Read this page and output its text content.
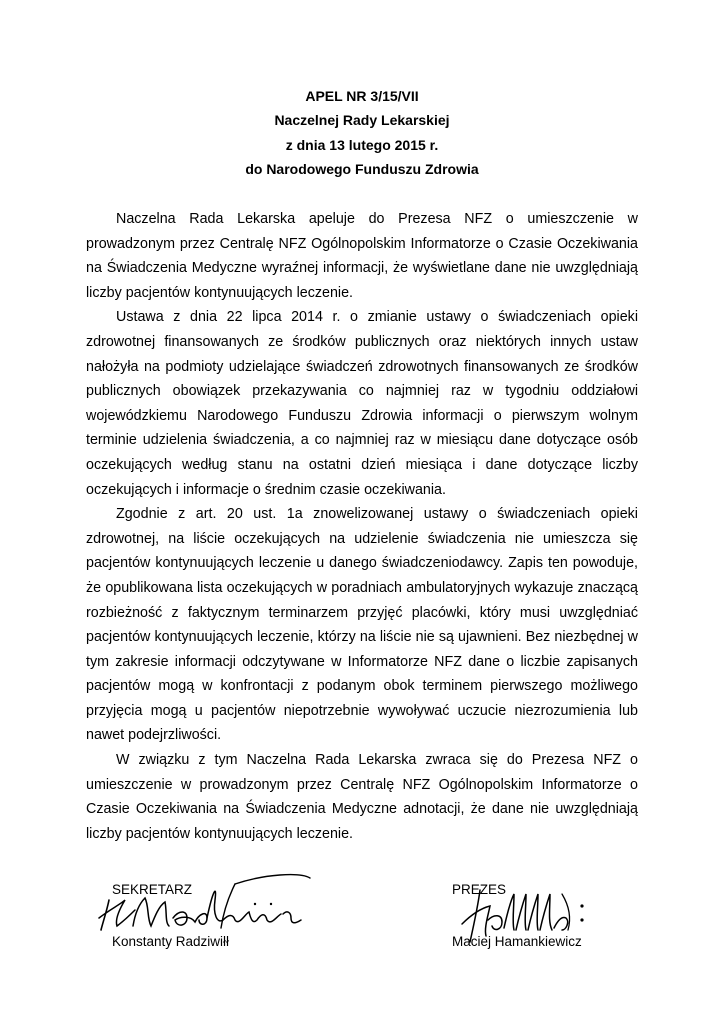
APEL NR 3/15/VII
Naczelnej Rady Lekarskiej
z dnia 13 lutego 2015 r.
do Narodowego Funduszu Zdrowia

Naczelna Rada Lekarska apeluje do Prezesa NFZ o umieszczenie w prowadzonym przez Centralę NFZ Ogólnopolskim Informatorze o Czasie Oczekiwania na Świadczenia Medyczne wyraźnej informacji, że wyświetlane dane nie uwzględniają liczby pacjentów kontynuujących leczenie.

Ustawa z dnia 22 lipca 2014 r. o zmianie ustawy o świadczeniach opieki zdrowotnej finansowanych ze środków publicznych oraz niektórych innych ustaw nałożyła na podmioty udzielające świadczeń zdrowotnych finansowanych ze środków publicznych obowiązek przekazywania co najmniej raz w tygodniu oddziałowi wojewódzkiemu Narodowego Funduszu Zdrowia informacji o pierwszym wolnym terminie udzielenia świadczenia, a co najmniej raz w miesiącu dane dotyczące osób oczekujących według stanu na ostatni dzień miesiąca i dane dotyczące liczby oczekujących i informacje o średnim czasie oczekiwania.

Zgodnie z art. 20 ust. 1a znowelizowanej ustawy o świadczeniach opieki zdrowotnej, na liście oczekujących na udzielenie świadczenia nie umieszcza się pacjentów kontynuujących leczenie u danego świadczeniodawcy. Zapis ten powoduje, że opublikowana lista oczekujących w poradniach ambulatoryjnych wykazuje znaczącą rozbieżność z faktycznym terminarzem przyjęć placówki, który musi uwzględniać pacjentów kontynuujących leczenie, którzy na liście nie są ujawnieni. Bez niezbędnej w tym zakresie informacji odczytywane w Informatorze NFZ dane o liczbie zapisanych pacjentów mogą w konfrontacji z podanym obok terminem pierwszego możliwego przyjęcia mogą u pacjentów niepotrzebnie wywoływać uczucie niezrozumienia lub nawet podejrzliwości.

W związku z tym Naczelna Rada Lekarska zwraca się do Prezesa NFZ o umieszczenie w prowadzonym przez Centralę NFZ Ogólnopolskim Informatorze o Czasie Oczekiwania na Świadczenia Medyczne adnotacji, że dane nie uwzględniają liczby pacjentów kontynuujących leczenie.

SEKRETARZ
Konstanty Radziwiłł
PREZES
Maciej Hamankiewicz
